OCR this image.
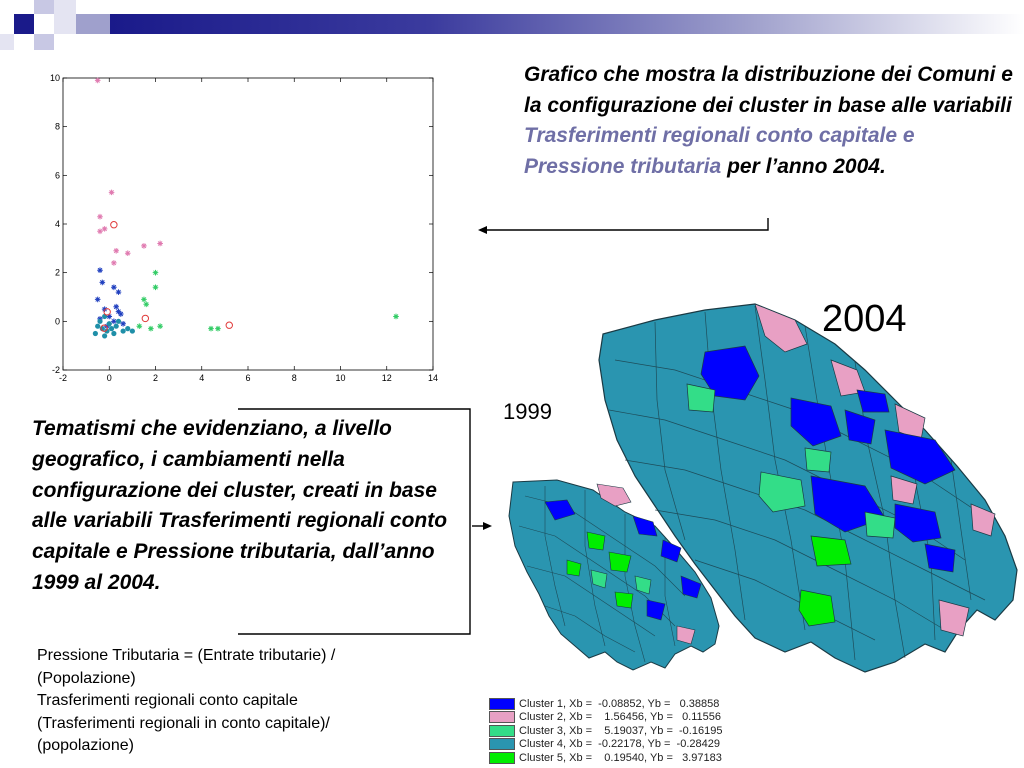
-2	0	2	4	6	8	10	12	14
-2
0
2
4
6
8
10	Grafico che mostra la distribuzione dei Comuni e la configurazione dei cluster in base alle variabili Trasferimenti regionali conto capitale e Pressione tributaria per l’anno 2004.
Tematismi che evidenziano, a livello geografico, i cambiamenti nella configurazione dei cluster, creati in base alle variabili Trasferimenti regionali conto capitale e Pressione tributaria, dall’anno 1999 al 2004.
Pressione Tributaria = (Entrate tributarie) /
(Popolazione)
Trasferimenti regionali conto capitale
(Trasferimenti regionali in conto capitale)/
(popolazione)
1999
2004
Cluster 1, Xb =  -0.08852, Yb =   0.38858
Cluster 2, Xb =    1.56456, Yb =   0.11556
Cluster 3, Xb =    5.19037, Yb =  -0.16195
Cluster 4, Xb =  -0.22178, Yb =  -0.28429
Cluster 5, Xb =    0.19540, Yb =   3.97183
